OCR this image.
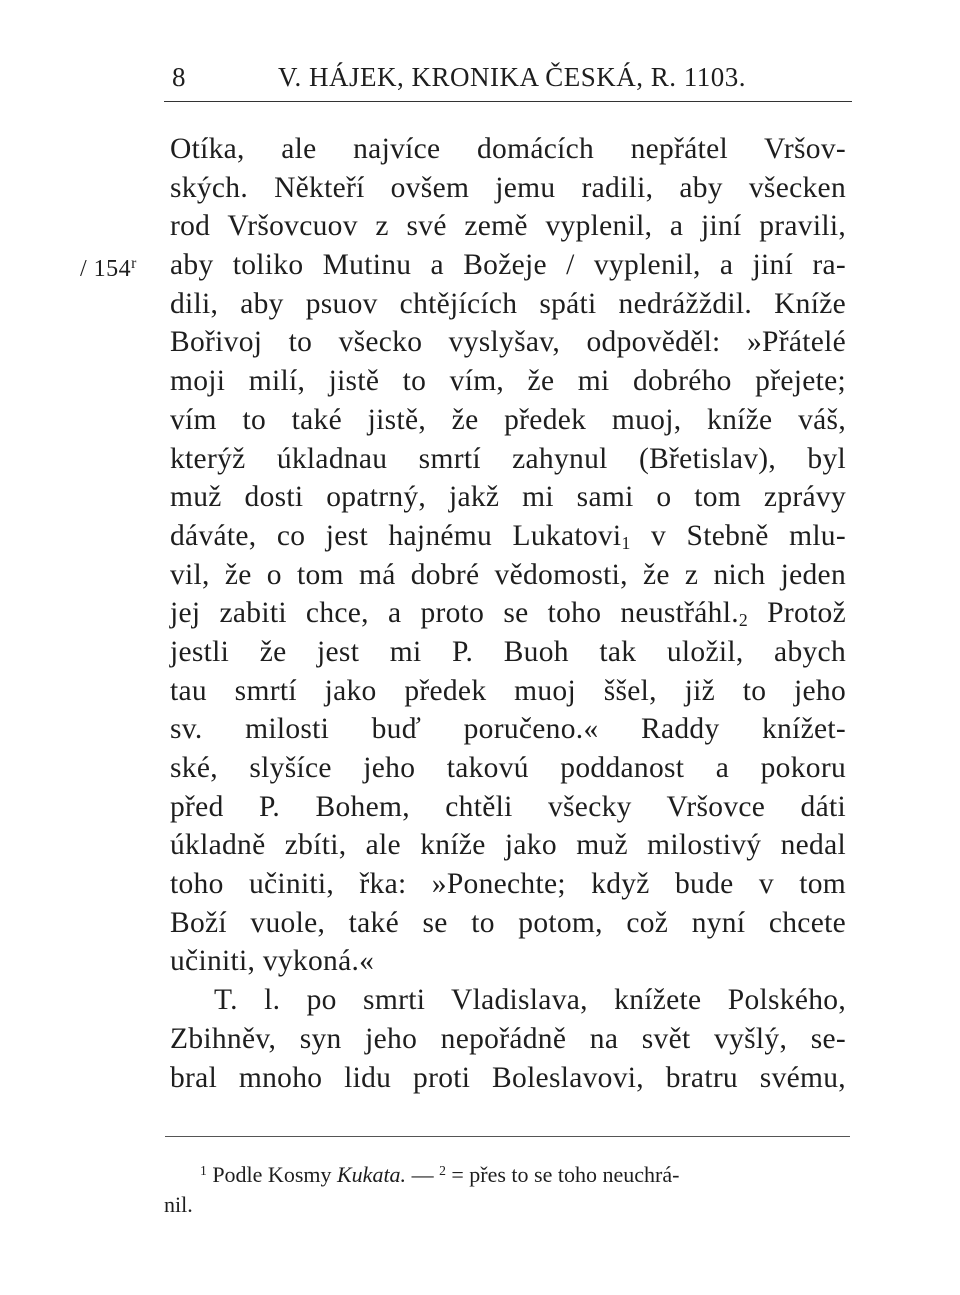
8	V. HÁJEK, KRONIKA ČESKÁ, R. 1103.
/ 154$^r$
Otíka, ale najvíce domácích nepřátel Vršov-
ských. Někteří ovšem jemu radili, aby všecken
rod Vršovcuov z své země vyplenil, a jiní pravili,
aby toliko Mutinu a Božeje / vyplenil, a jiní ra-
dili, aby psuov chtějících spáti nedrážždil. Kníže
Bořivoj to všecko vyslyšav, odpověděl: »Přátelé
moji milí, jistě to vím, že mi dobrého přejete;
vím to také jistě, že předek muoj, kníže váš,
kterýž úkladnau smrtí zahynul (Břetislav), byl
muž dosti opatrný, jakž mi sami o tom zprávy
dáváte, co jest hajnému Lukatovi$_1$ v Stebně mlu-
vil, že o tom má dobré vědomosti, že z nich jeden
jej zabiti chce, a proto se toho $neustřáhl._2$ Protož
jestli že jest mi P. Buoh tak uložil, abych
tau smrtí jako předek muoj ššel, již to jeho
sv. milosti buď poručeno.« Raddy knížet-
ské, slyšíce jeho takovú poddanost a pokoru
před P. Bohem, chtěli všecky Vršovce dáti
úkladně zbíti, ale kníže jako muž milostivý nedal
toho učiniti, řka: »Ponechte; když bude v tom
Boží vuole, také se to potom, což nyní chcete
učiniti, vykoná.«
T. l. po smrti Vladislava, knížete Polského,
Zbihněv, syn jeho nepořádně na svět vyšlý, se-
bral mnoho lidu proti Boleslavovi, bratru svému,
$^1$ Podle Kosmy Kukata. — $^2$ = přes to se toho neuchrá-
nil.
